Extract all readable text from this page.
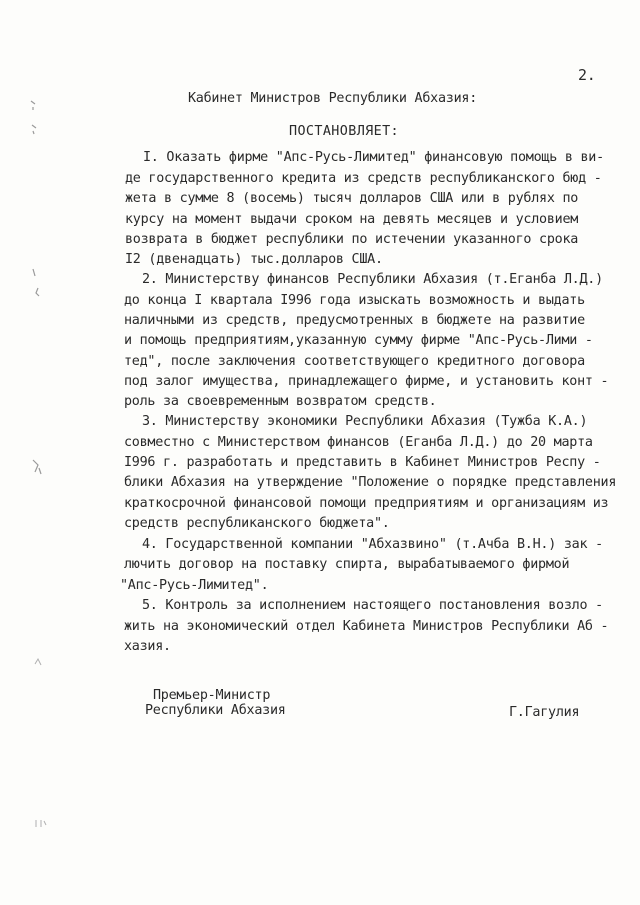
2.
Кабинет Министров Республики Абхазия:
ПОСТАНОВЛЯЕТ:
I. Оказать фирме "Апс-Русь-Лимитед" финансовую помощь в ви-
де государственного кредита из средств республиканского бюд -
жета в сумме 8 (восемь) тысяч долларов США или в рублях по
курсу на момент выдачи сроком на девять месяцев и условием
возврата в бюджет республики по истечении указанного срока
I2 (двенадцать) тыс.долларов США.
2. Министерству финансов Республики Абхазия (т.Еганба Л.Д.)
до конца I квартала I996 года изыскать возможность и выдать
наличными из средств, предусмотренных в бюджете на развитие
и помощь предприятиям,указанную сумму фирме "Апс-Русь-Лими -
тед", после заключения соответствующего кредитного договора
под залог имущества, принадлежащего фирме, и установить конт -
роль за своевременным возвратом средств.
3. Министерству экономики Республики Абхазия (Тужба К.А.)
совместно с Министерством финансов (Еганба Л.Д.) до 20 марта
I996 г. разработать и представить в Кабинет Министров Респу -
блики Абхазия на утверждение "Положение о порядке представления
краткосрочной финансовой помощи предприятиям и организациям из
средств республиканского бюджета".
4. Государственной компании "Абхазвино" (т.Ачба В.Н.) зак -
лючить договор на поставку спирта, вырабатываемого фирмой
"Апс-Русь-Лимитед".
5. Контроль за исполнением настоящего постановления возло -
жить на экономический отдел Кабинета Министров Республики Аб -
хазия.
Премьер-Министр
Республики Абхазия	Г.Гагулия
